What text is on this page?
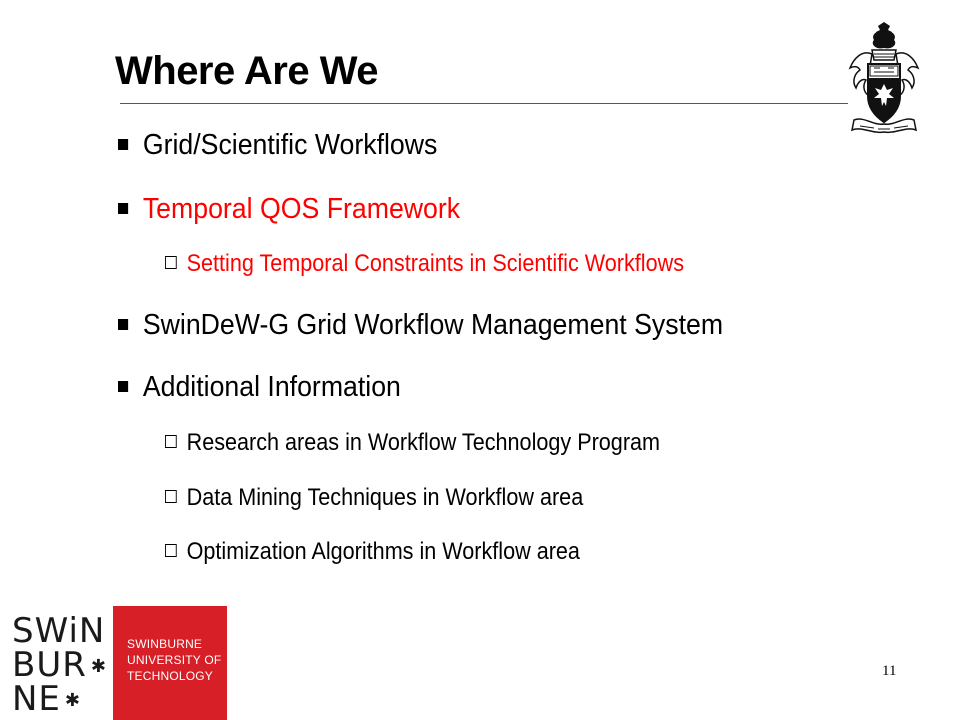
Where Are We
Grid/Scientific Workflows
Temporal QOS Framework
Setting Temporal Constraints in Scientific Workflows
SwinDeW-G Grid Workflow Management System
Additional Information
Research areas in Workflow Technology Program
Data Mining Techniques in Workflow area
Optimization Algorithms in Workflow area
SWiN
BUR ✱
NE ✱
SWINBURNE
UNIVERSITY OF
TECHNOLOGY	11
